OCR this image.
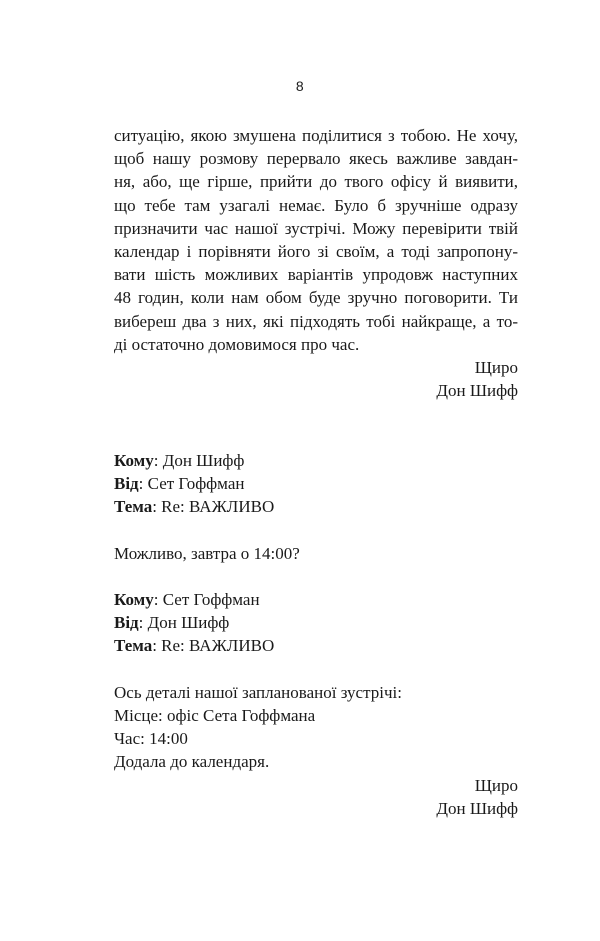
8
ситуацію, якою змушена поділитися з тобою. Не хочу,
щоб нашу розмову перервало якесь важливе завдан-
ня, або, ще гірше, прийти до твого офісу й виявити,
що тебе там узагалі немає. Було б зручніше одразу
призначити час нашої зустрічі. Можу перевірити твій
календар і порівняти його зі своїм, а тоді запропону-
вати шість можливих варіантів упродовж наступних
48 годин, коли нам обом буде зручно поговорити. Ти
вибереш два з них, які підходять тобі найкраще, а то-
ді остаточно домовимося про час.

Щиро

Дон Шифф

Кому: Дон Шифф
Від: Сет Гоффман
Тема: Re: ВАЖЛИВО
Можливо, завтра о 14:00?
Кому: Сет Гоффман
Від: Дон Шифф
Тема: Re: ВАЖЛИВО
Ось деталі нашої запланованої зустрічі:
Місце: офіс Сета Гоффмана
Час: 14:00
Додала до календаря.

Щиро

Дон Шифф
